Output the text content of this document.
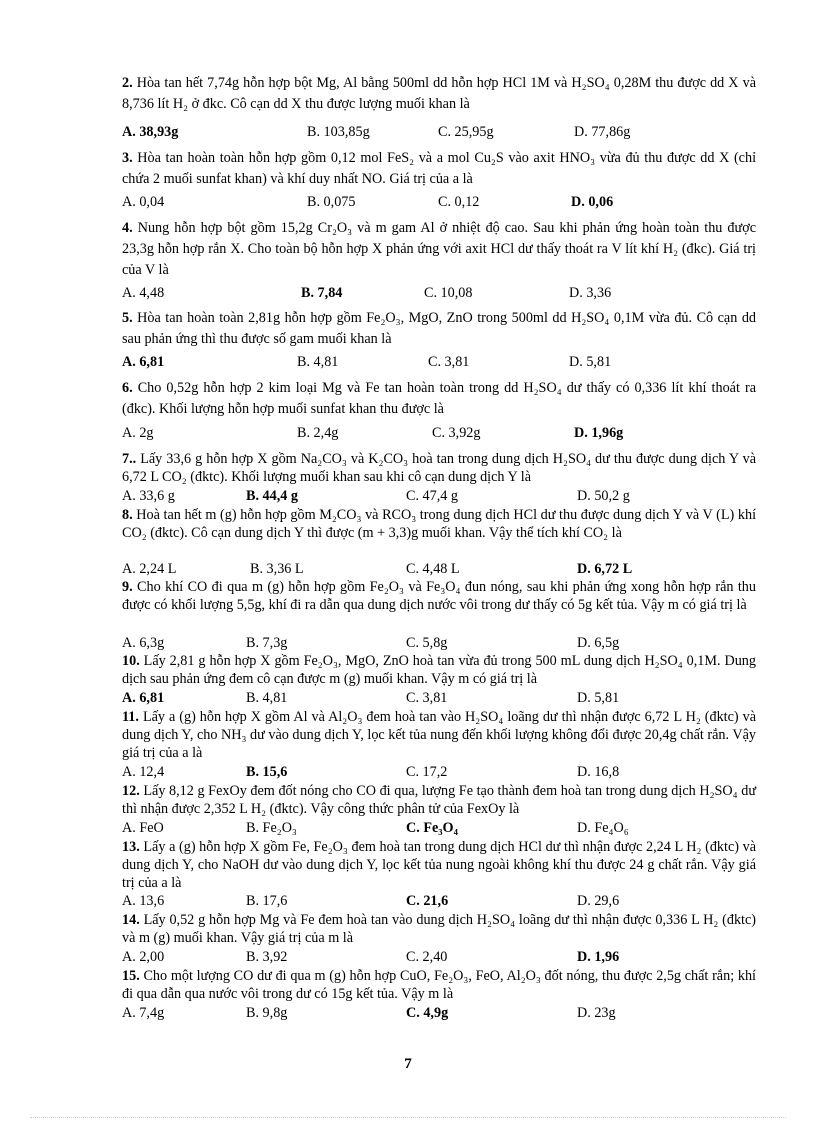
2. Hòa tan hết 7,74g hỗn hợp bột Mg, Al bằng 500ml dd hỗn hợp HCl 1M và H₂SO₄ 0,28M thu được dd X và 8,736 lít H₂ ở đkc. Cô cạn dd X thu được lượng muối khan là
A. 38,93g	B. 103,85g	C. 25,95g	D. 77,86g
3. Hòa tan hoàn toàn hỗn hợp gồm 0,12 mol FeS₂ và a mol Cu₂S vào axit HNO₃ vừa đủ thu được dd X (chỉ chứa 2 muối sunfat khan) và khí duy nhất NO. Giá trị của a là
A. 0,04	B. 0,075	C. 0,12	D. 0,06
4. Nung hỗn hợp bột gồm 15,2g Cr₂O₃ và m gam Al ở nhiệt độ cao. Sau khi phản ứng hoàn toàn thu được 23,3g hỗn hợp rắn X. Cho toàn bộ hỗn hợp X phản ứng với axit HCl dư thấy thoát ra V lít khí H₂ (đkc). Giá trị của V là
A. 4,48	B. 7,84	C. 10,08	D. 3,36
5. Hòa tan hoàn toàn 2,81g hỗn hợp gồm Fe₂O₃, MgO, ZnO trong 500ml dd H₂SO₄ 0,1M vừa đủ. Cô cạn dd sau phản ứng thì thu được số gam muối khan là
A. 6,81	B. 4,81	C. 3,81	D. 5,81
6. Cho 0,52g hỗn hợp 2 kim loại Mg và Fe tan hoàn toàn trong dd H₂SO₄ dư thấy có 0,336 lít khí thoát ra (đkc). Khối lượng hỗn hợp muối sunfat khan thu được là
A. 2g	B. 2,4g	C. 3,92g	D. 1,96g
7.. Lấy 33,6 g hỗn hợp X gồm Na₂CO₃ và K₂CO₃ hoà tan trong dung dịch H₂SO₄ dư thu được dung dịch Y và 6,72 L CO₂ (đktc). Khối lượng muối khan sau khi cô cạn dung dịch Y là
A. 33,6 g	B. 44,4 g	C. 47,4 g	D. 50,2 g
8. Hoà tan hết m (g) hỗn hợp gồm M₂CO₃ và RCO₃ trong dung dịch HCl dư thu được dung dịch Y và V (L) khí CO₂ (đktc). Cô cạn dung dịch Y thì được (m + 3,3)g muối khan. Vậy thể tích khí CO₂ là
A. 2,24 L	B. 3,36 L	C. 4,48 L	D. 6,72 L
9. Cho khí CO đi qua m (g) hỗn hợp gồm Fe₂O₃ và Fe₃O₄ đun nóng, sau khi phản ứng xong hỗn hợp rắn thu được có khối lượng 5,5g, khí đi ra dẫn qua dung dịch nước vôi trong dư thấy có 5g kết tủa. Vậy m có giá trị là
A. 6,3g	B. 7,3g	C. 5,8g	D. 6,5g
10. Lấy 2,81 g hỗn hợp X gồm Fe₂O₃, MgO, ZnO hoà tan vừa đủ trong 500 mL dung dịch H₂SO₄ 0,1M. Dung dịch sau phản ứng đem cô cạn được m (g) muối khan. Vậy m có giá trị là
A. 6,81	B. 4,81	C. 3,81	D. 5,81
11. Lấy a (g) hỗn hợp X gồm Al và Al₂O₃ đem hoà tan vào H₂SO₄ loãng dư thì nhận được 6,72 L H₂ (đktc) và dung dịch Y, cho NH₃ dư vào dung dịch Y, lọc kết tủa nung đến khối lượng không đổi được 20,4g chất rắn. Vậy giá trị của a là
A. 12,4	B. 15,6	C. 17,2	D. 16,8
12. Lấy 8,12 g FexOy đem đốt nóng cho CO đi qua, lượng Fe tạo thành đem hoà tan trong dung dịch H₂SO₄ dư thì nhận được 2,352 L H₂ (đktc). Vậy công thức phân tử của FexOy là
A. FeO	B. Fe₂O₃	C. Fe₃O₄	D. Fe₄O₆
13. Lấy a (g) hỗn hợp X gồm Fe, Fe₂O₃ đem hoà tan trong dung dịch HCl dư thì nhận được 2,24 L H₂ (đktc) và dung dịch Y, cho NaOH dư vào dung dịch Y, lọc kết tủa nung ngoài không khí thu được 24 g chất rắn. Vậy giá trị của a là
A. 13,6	B. 17,6	C. 21,6	D. 29,6
14. Lấy 0,52 g hỗn hợp Mg và Fe đem hoà tan vào dung dịch H₂SO₄ loãng dư thì nhận được 0,336 L H₂ (đktc) và m (g) muối khan. Vậy giá trị của m là
A. 2,00	B. 3,92	C. 2,40	D. 1,96
15. Cho một lượng CO dư đi qua m (g) hỗn hợp CuO, Fe₂O₃, FeO, Al₂O₃ đốt nóng, thu được 2,5g chất rắn; khí đi qua dẫn qua nước vôi trong dư có 15g kết tủa. Vậy m là
A. 7,4g	B. 9,8g	C. 4,9g	D. 23g
7
